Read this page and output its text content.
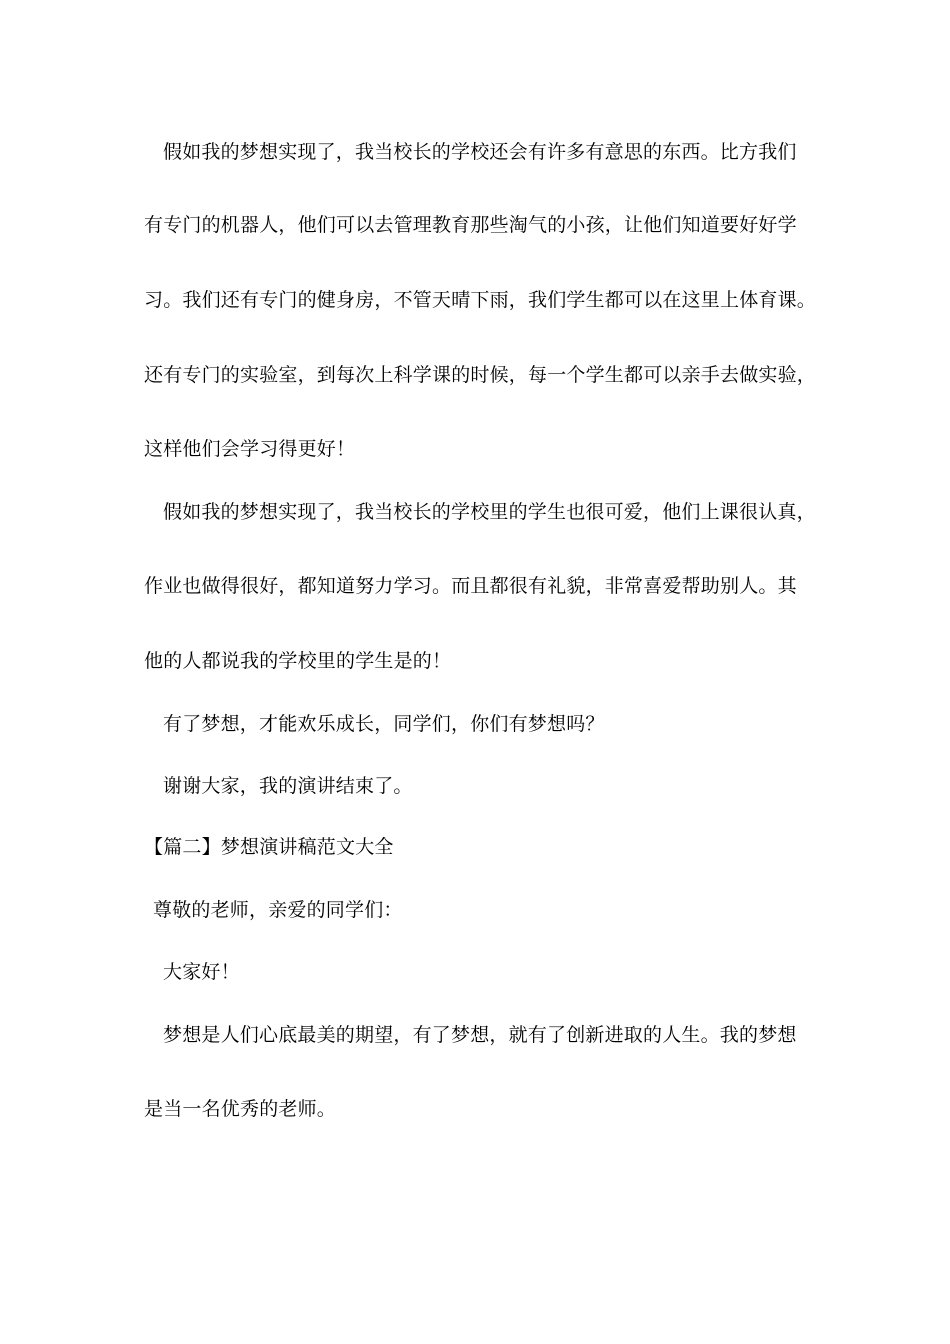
假如我的梦想实现了，我当校长的学校还会有许多有意思的东西。比方我们
有专门的机器人，他们可以去管理教育那些淘气的小孩，让他们知道要好好学
习。我们还有专门的健身房，不管天晴下雨，我们学生都可以在这里上体育课。
还有专门的实验室，到每次上科学课的时候，每一个学生都可以亲手去做实验，
这样他们会学习得更好！
假如我的梦想实现了，我当校长的学校里的学生也很可爱，他们上课很认真，
作业也做得很好，都知道努力学习。而且都很有礼貌，非常喜爱帮助别人。其
他的人都说我的学校里的学生是的！
有了梦想，才能欢乐成长，同学们，你们有梦想吗？
谢谢大家，我的演讲结束了。
【篇二】梦想演讲稿范文大全
尊敬的老师，亲爱的同学们：
大家好！
梦想是人们心底最美的期望，有了梦想，就有了创新进取的人生。我的梦想
是当一名优秀的老师。
